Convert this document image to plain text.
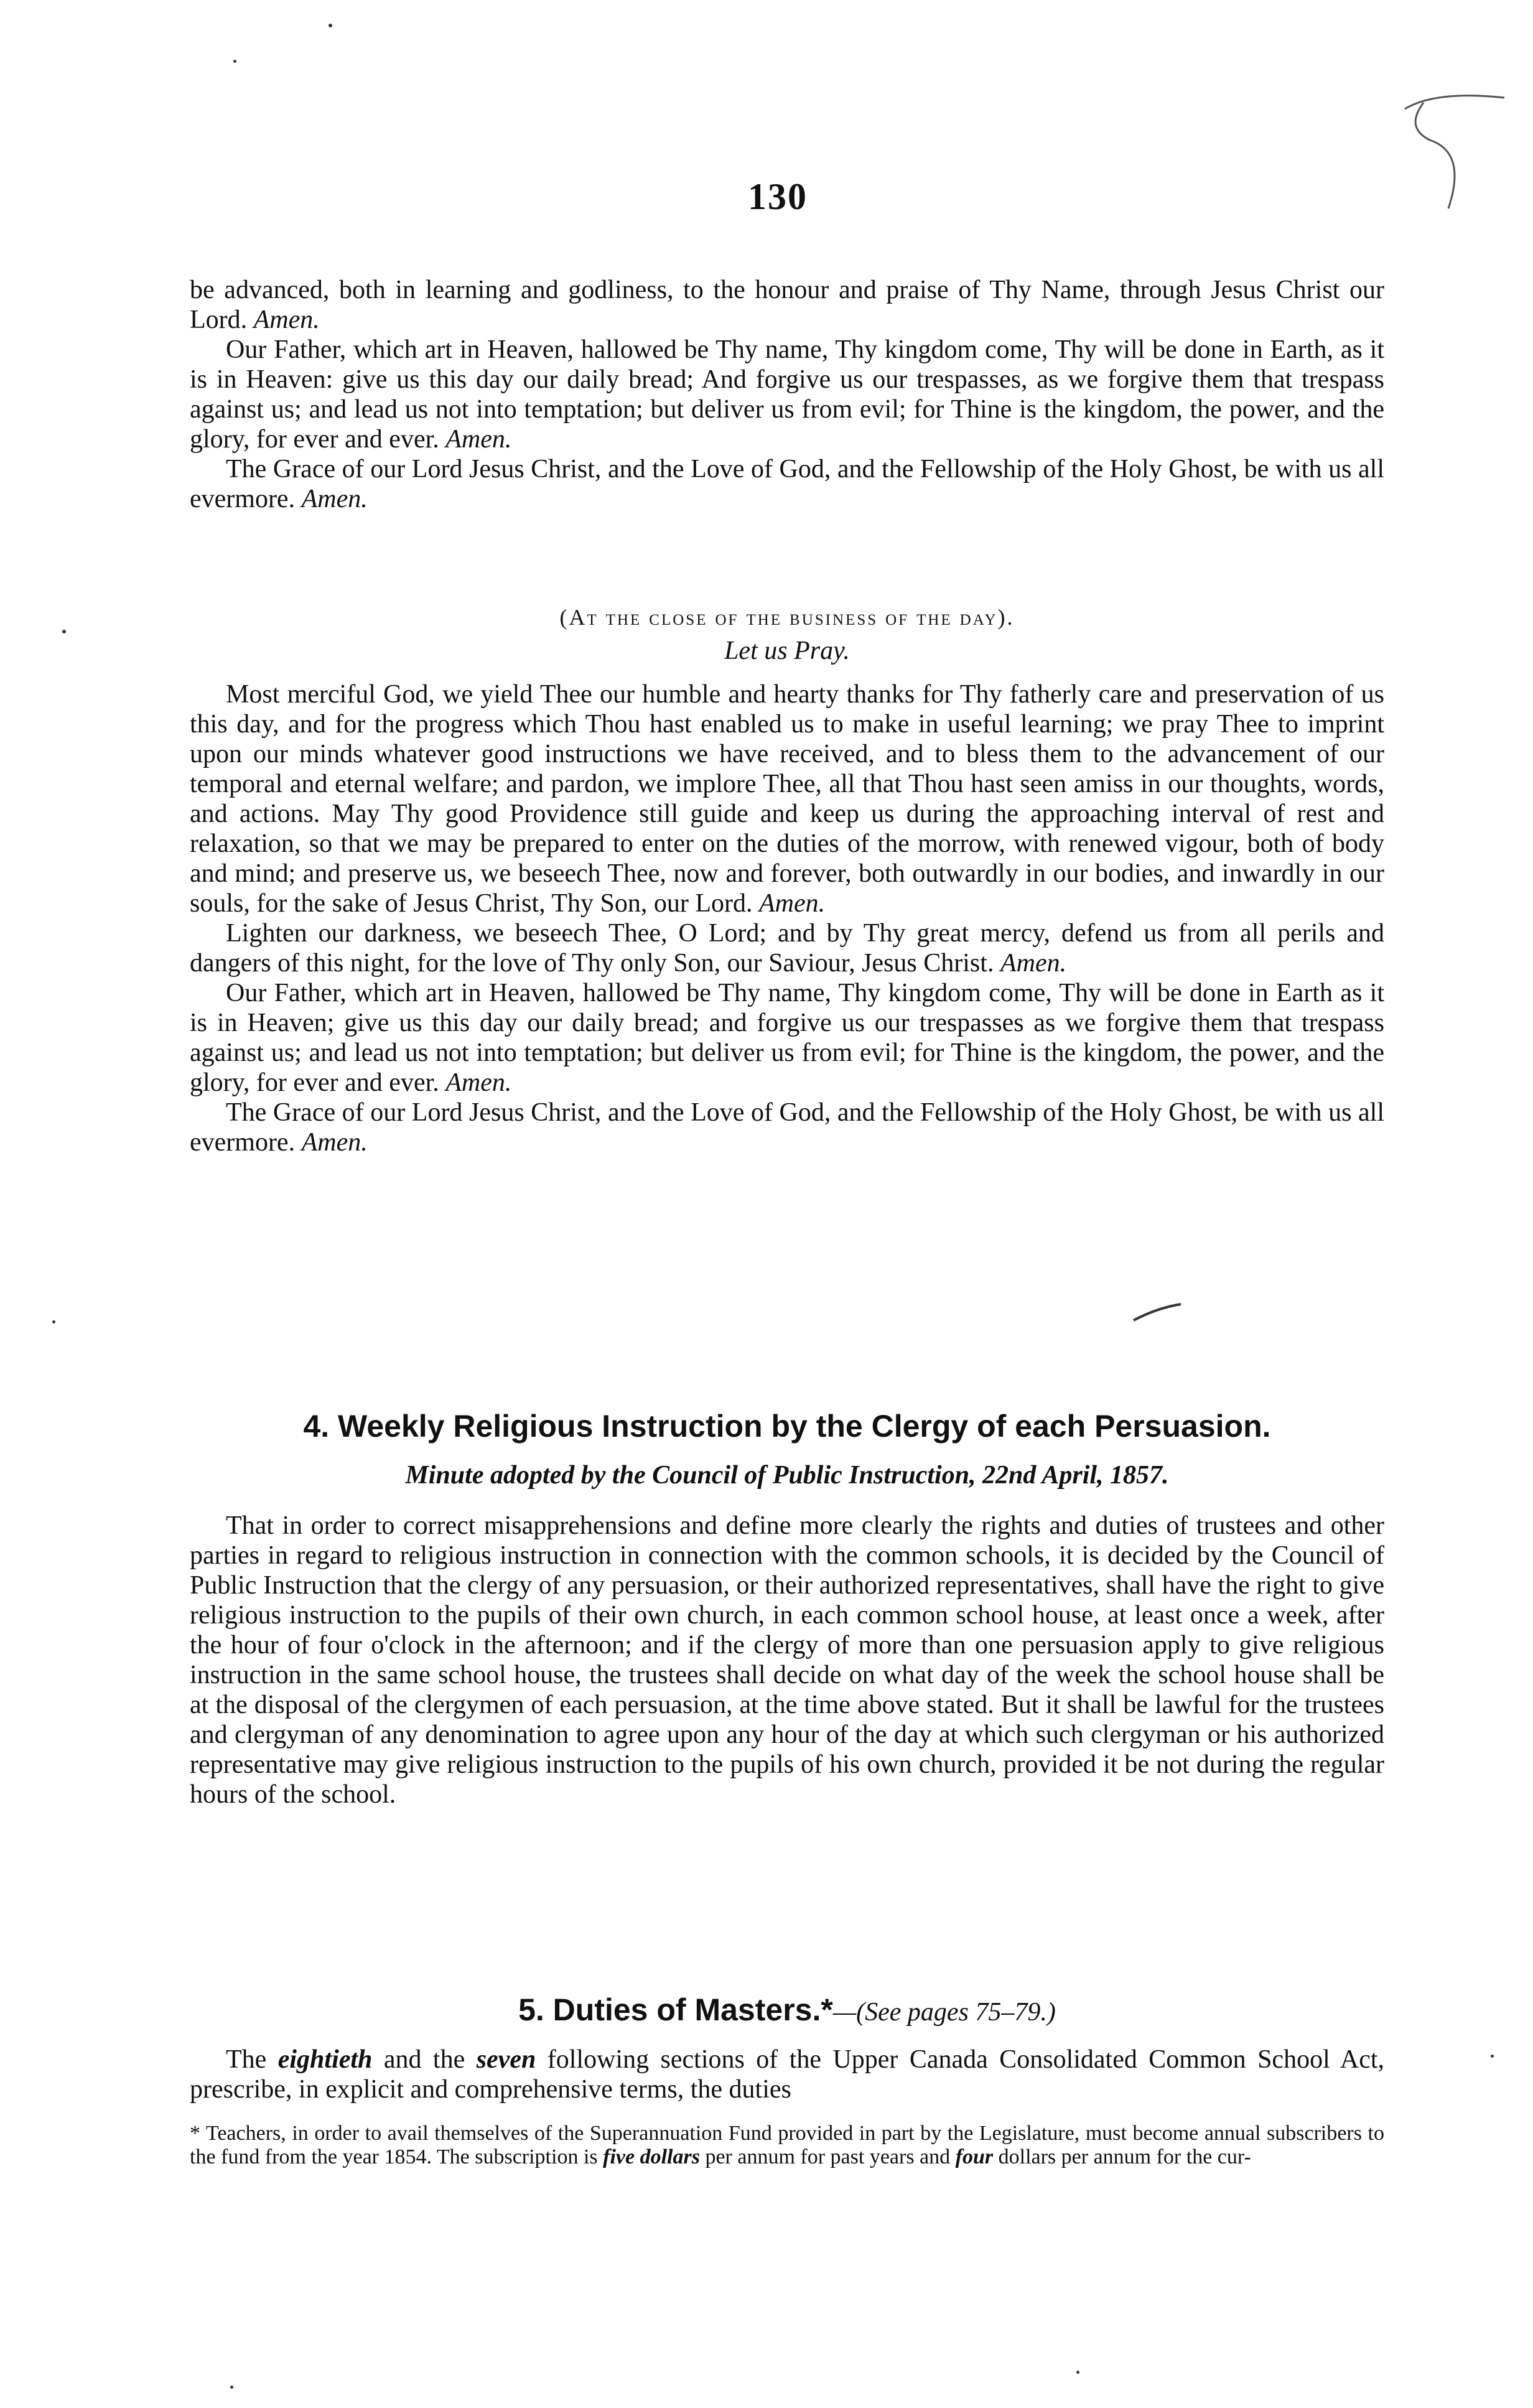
130

be advanced, both in learning and godliness, to the honour and praise of Thy Name, through Jesus Christ our Lord. Amen.

Our Father, which art in Heaven, hallowed be Thy name, Thy kingdom come, Thy will be done in Earth, as it is in Heaven: give us this day our daily bread; And forgive us our trespasses, as we forgive them that trespass against us; and lead us not into temptation; but deliver us from evil; for Thine is the kingdom, the power, and the glory, for ever and ever. Amen.

The Grace of our Lord Jesus Christ, and the Love of God, and the Fellowship of the Holy Ghost, be with us all evermore. Amen.

(At the close of the business of the day).

Let us Pray.

Most merciful God, we yield Thee our humble and hearty thanks for Thy fatherly care and preservation of us this day, and for the progress which Thou hast enabled us to make in useful learning; we pray Thee to imprint upon our minds whatever good instructions we have received, and to bless them to the advancement of our temporal and eternal welfare; and pardon, we implore Thee, all that Thou hast seen amiss in our thoughts, words, and actions. May Thy good Providence still guide and keep us during the approaching interval of rest and relaxation, so that we may be prepared to enter on the duties of the morrow, with renewed vigour, both of body and mind; and preserve us, we beseech Thee, now and forever, both outwardly in our bodies, and inwardly in our souls, for the sake of Jesus Christ, Thy Son, our Lord. Amen.

Lighten our darkness, we beseech Thee, O Lord; and by Thy great mercy, defend us from all perils and dangers of this night, for the love of Thy only Son, our Saviour, Jesus Christ. Amen.

Our Father, which art in Heaven, hallowed be Thy name, Thy kingdom come, Thy will be done in Earth as it is in Heaven; give us this day our daily bread; and forgive us our trespasses as we forgive them that trespass against us; and lead us not into temptation; but deliver us from evil; for Thine is the kingdom, the power, and the glory, for ever and ever. Amen.

The Grace of our Lord Jesus Christ, and the Love of God, and the Fellowship of the Holy Ghost, be with us all evermore. Amen.

4. Weekly Religious Instruction by the Clergy of each Persuasion.
Minute adopted by the Council of Public Instruction, 22nd April, 1857.

That in order to correct misapprehensions and define more clearly the rights and duties of trustees and other parties in regard to religious instruction in connection with the common schools, it is decided by the Council of Public Instruction that the clergy of any persuasion, or their authorized representatives, shall have the right to give religious instruction to the pupils of their own church, in each common school house, at least once a week, after the hour of four o'clock in the afternoon; and if the clergy of more than one persuasion apply to give religious instruction in the same school house, the trustees shall decide on what day of the week the school house shall be at the disposal of the clergymen of each persuasion, at the time above stated. But it shall be lawful for the trustees and clergyman of any denomination to agree upon any hour of the day at which such clergyman or his authorized representative may give religious instruction to the pupils of his own church, provided it be not during the regular hours of the school.

5. Duties of Masters.*—(See pages 75–79.)

The eightieth and the seven following sections of the Upper Canada Consolidated Common School Act, prescribe, in explicit and comprehensive terms, the duties

* Teachers, in order to avail themselves of the Superannuation Fund provided in part by the Legislature, must become annual subscribers to the fund from the year 1854. The subscription is five dollars per annum for past years and four dollars per annum for the cur-
